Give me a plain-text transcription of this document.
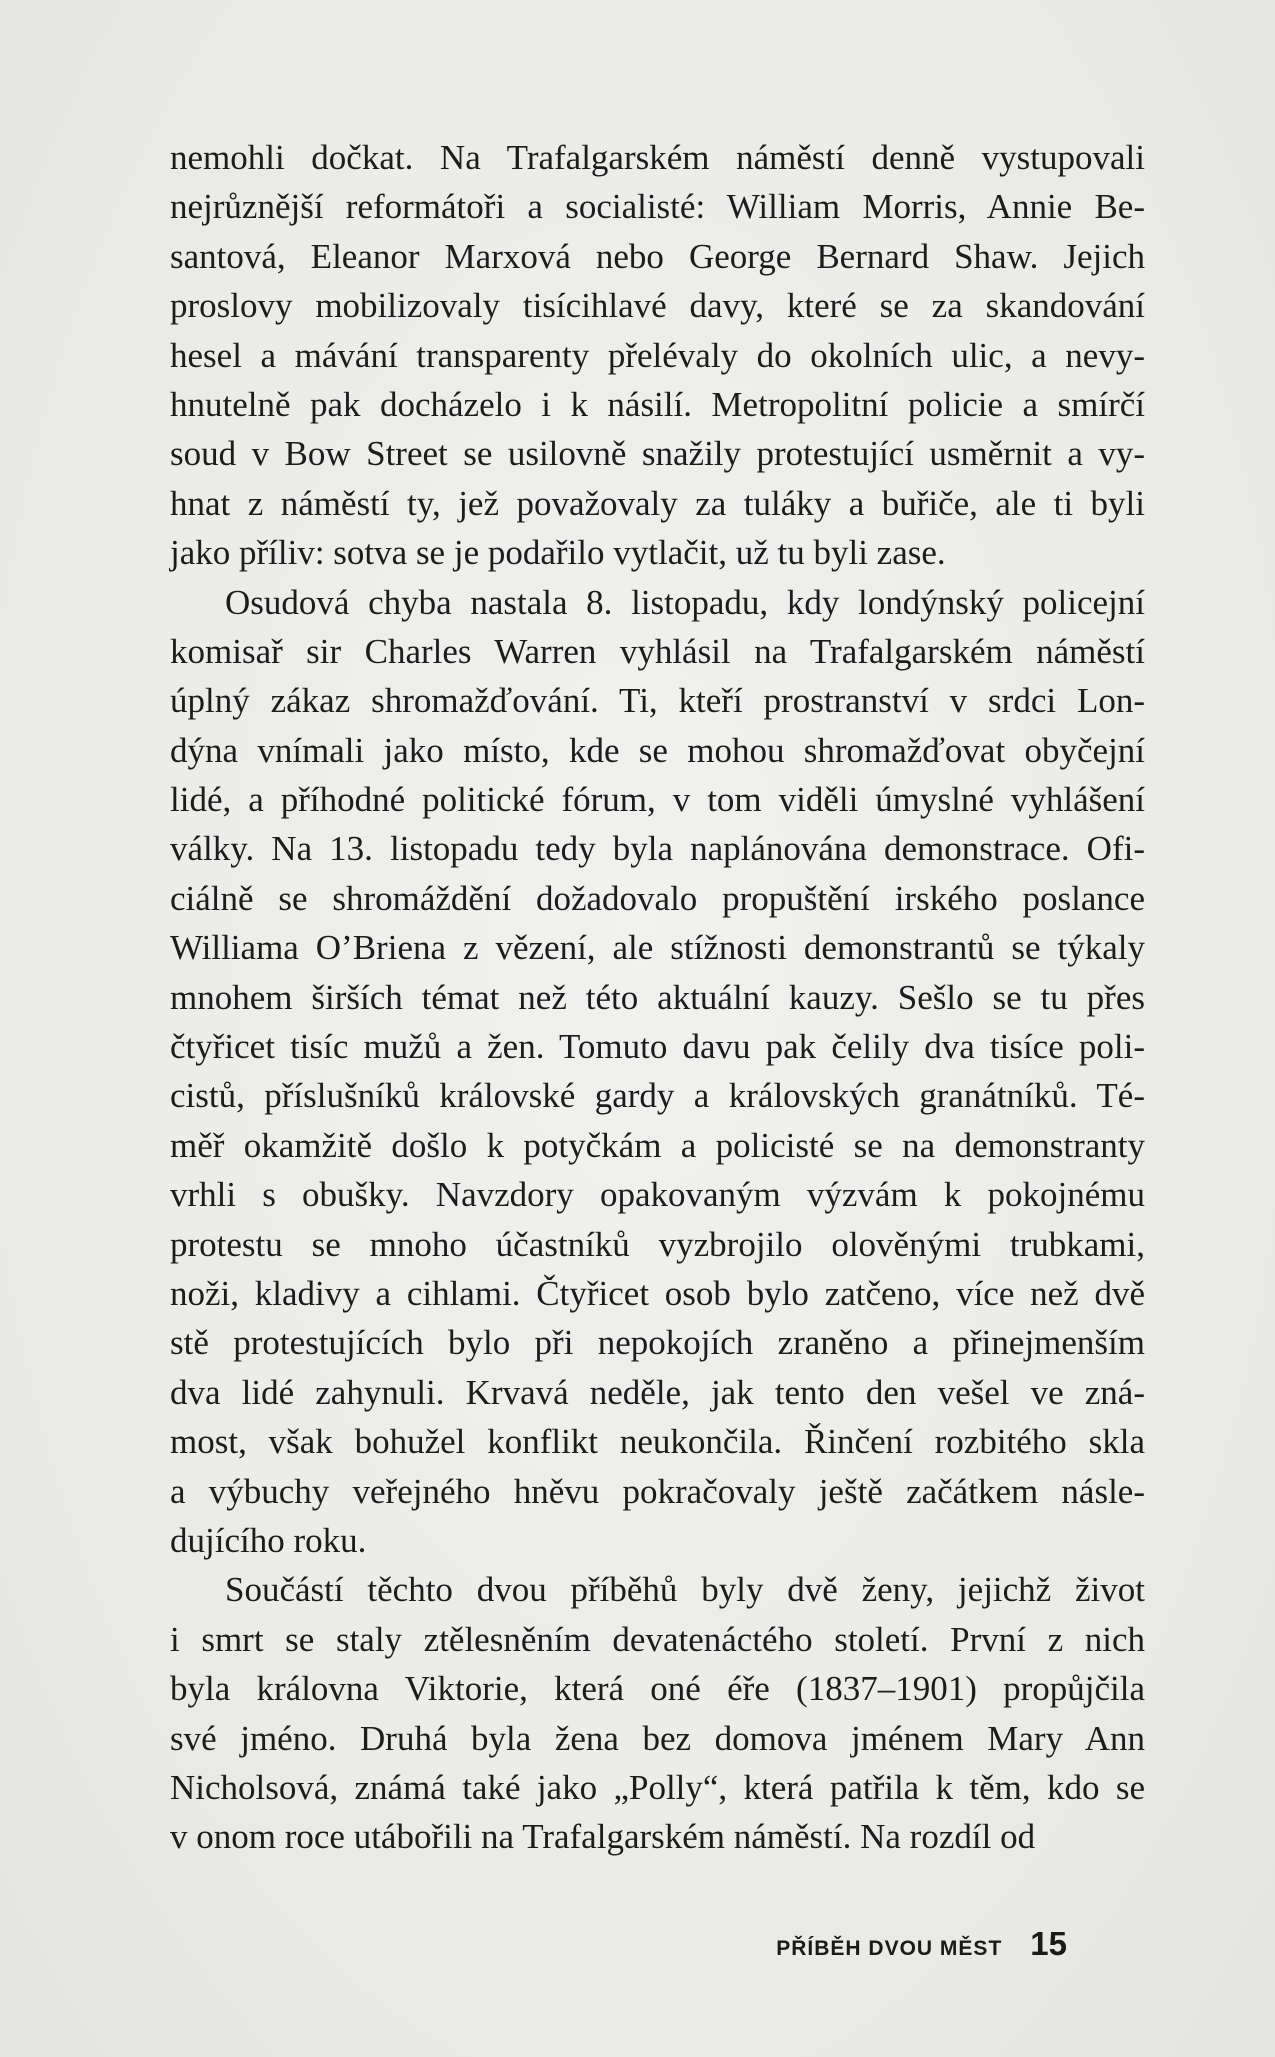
nemohli dočkat. Na Trafalgarském náměstí denně vystupovali
nejrůznější reformátoři a socialisté: William Morris, Annie Be-
santová, Eleanor Marxová nebo George Bernard Shaw. Jejich
proslovy mobilizovaly tisícihlavé davy, které se za skandování
hesel a mávání transparenty přelévaly do okolních ulic, a nevy-
hnutelně pak docházelo i k násilí. Metropolitní policie a smírčí
soud v Bow Street se usilovně snažily protestující usměrnit a vy-
hnat z náměstí ty, jež považovaly za tuláky a buřiče, ale ti byli
jako příliv: sotva se je podařilo vytlačit, už tu byli zase.
Osudová chyba nastala 8. listopadu, kdy londýnský policejní
komisař sir Charles Warren vyhlásil na Trafalgarském náměstí
úplný zákaz shromažďování. Ti, kteří prostranství v srdci Lon-
dýna vnímali jako místo, kde se mohou shromažďovat obyčejní
lidé, a příhodné politické fórum, v tom viděli úmyslné vyhlášení
války. Na 13. listopadu tedy byla naplánována demonstrace. Ofi-
ciálně se shromáždění dožadovalo propuštění irského poslance
Williama O’Briena z vězení, ale stížnosti demonstrantů se týkaly
mnohem širších témat než této aktuální kauzy. Sešlo se tu přes
čtyřicet tisíc mužů a žen. Tomuto davu pak čelily dva tisíce poli-
cistů, příslušníků královské gardy a královských granátníků. Té-
měř okamžitě došlo k potyčkám a policisté se na demonstranty
vrhli s obušky. Navzdory opakovaným výzvám k pokojnému
protestu se mnoho účastníků vyzbrojilo olověnými trubkami,
noži, kladivy a cihlami. Čtyřicet osob bylo zatčeno, více než dvě
stě protestujících bylo při nepokojích zraněno a přinejmenším
dva lidé zahynuli. Krvavá neděle, jak tento den vešel ve zná-
most, však bohužel konflikt neukončila. Řinčení rozbitého skla
a výbuchy veřejného hněvu pokračovaly ještě začátkem násle-
dujícího roku.
Součástí těchto dvou příběhů byly dvě ženy, jejichž život
i smrt se staly ztělesněním devatenáctého století. První z nich
byla královna Viktorie, která oné éře (1837–1901) propůjčila
své jméno. Druhá byla žena bez domova jménem Mary Ann
Nicholsová, známá také jako „Polly“, která patřila k těm, kdo se
v onom roce utábořili na Trafalgarském náměstí. Na rozdíl od
PŘÍBĚH DVOU MĚST 15
